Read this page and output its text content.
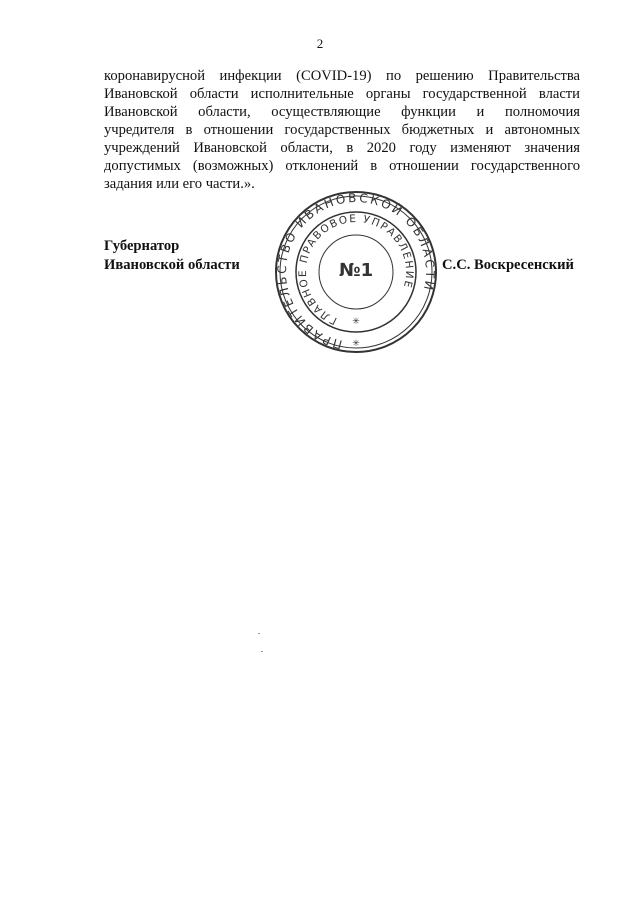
2
коронавирусной инфекции (COVID-19) по решению Правительства
Ивановской области исполнительные органы государственной власти
Ивановской области, осуществляющие функции и полномочия
учредителя в отношении государственных бюджетных и автономных
учреждений Ивановской области, в 2020 году изменяют значения
допустимых (возможных) отклонений в отношении государственного
задания или его части.».
Губернатор
Ивановской области	С.С. Воскресенский
ПРАВИТЕЛЬСТВО ИВАНОВСКОЙ ОБЛАСТИ
ГЛАВНОЕ ПРАВОВОЕ УПРАВЛЕНИЕ
№1
✳
✳
